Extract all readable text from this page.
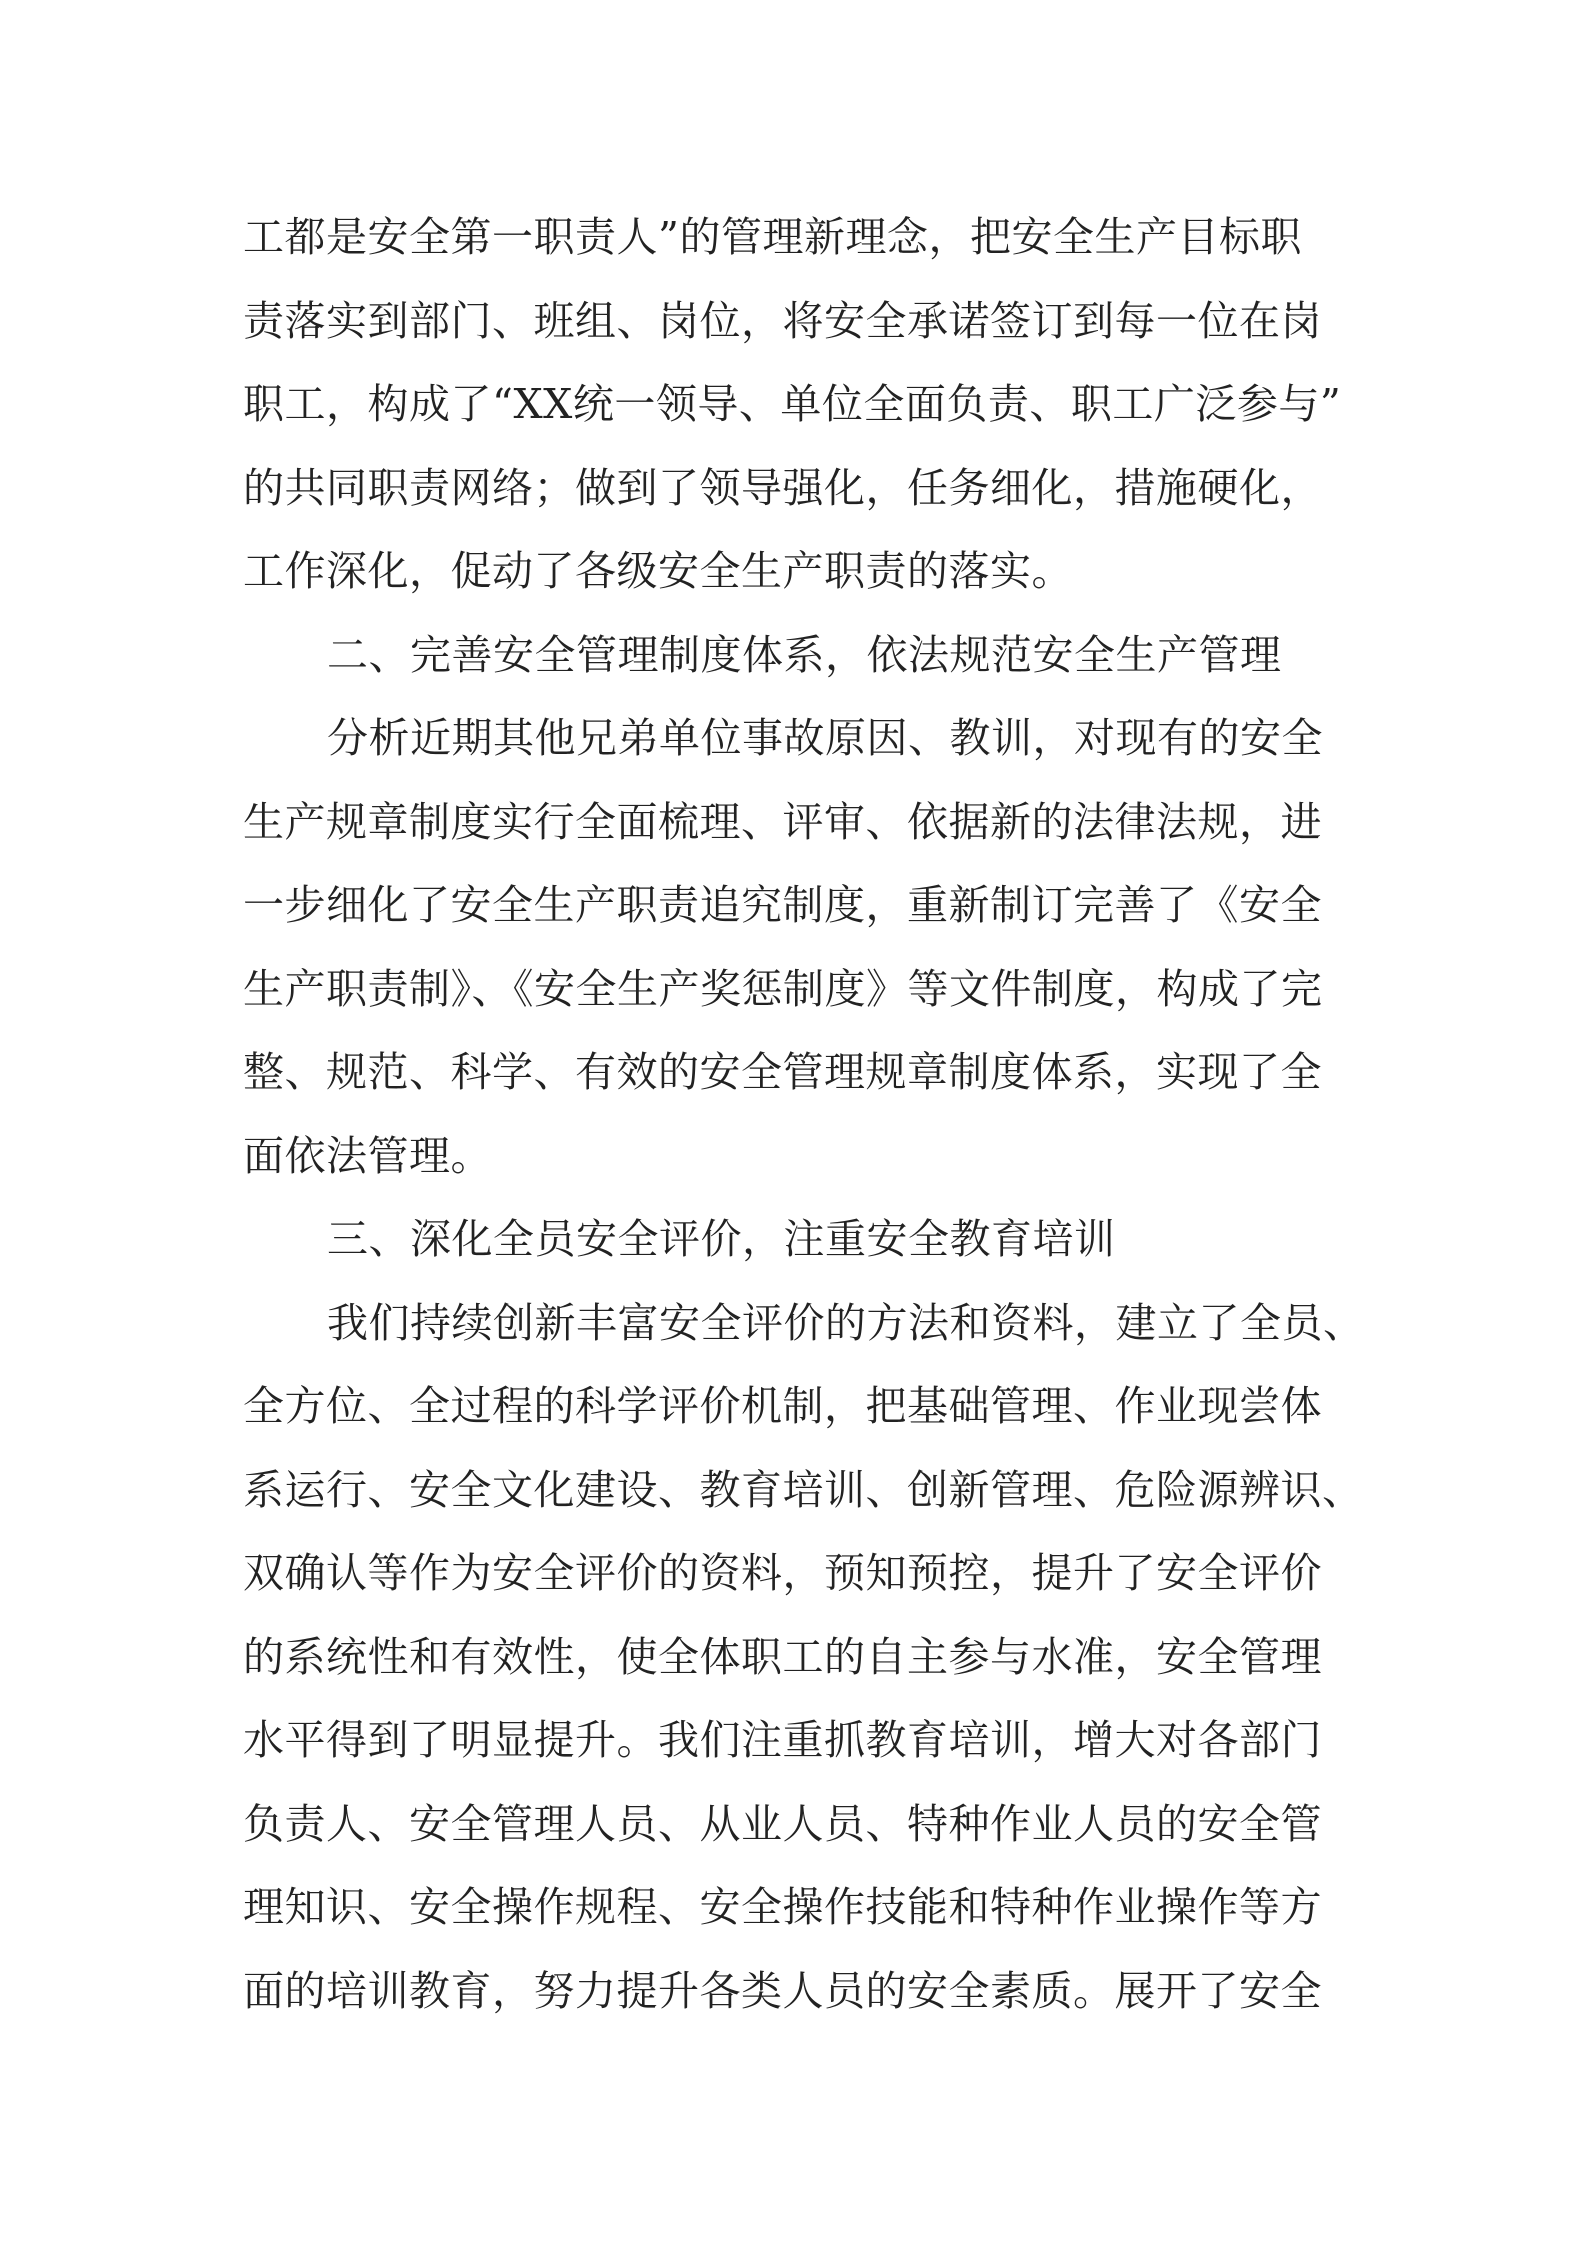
工都是安全第一职责人”的管理新理念，把安全生产目标职
责落实到部门、班组、岗位，将安全承诺签订到每一位在岗
职工，构成了“XX统一领导、单位全面负责、职工广泛参与”
的共同职责网络；做到了领导强化，任务细化，措施硬化，
工作深化，促动了各级安全生产职责的落实。
二、完善安全管理制度体系，依法规范安全生产管理
分析近期其他兄弟单位事故原因、教训，对现有的安全
生产规章制度实行全面梳理、评审、依据新的法律法规，进
一步细化了安全生产职责追究制度，重新制订完善了《安全
生产职责制》、《安全生产奖惩制度》等文件制度，构成了完
整、规范、科学、有效的安全管理规章制度体系，实现了全
面依法管理。
三、深化全员安全评价，注重安全教育培训
我们持续创新丰富安全评价的方法和资料，建立了全员、
全方位、全过程的科学评价机制，把基础管理、作业现尝体
系运行、安全文化建设、教育培训、创新管理、危险源辨识、
双确认等作为安全评价的资料，预知预控，提升了安全评价
的系统性和有效性，使全体职工的自主参与水准，安全管理
水平得到了明显提升。我们注重抓教育培训，增大对各部门
负责人、安全管理人员、从业人员、特种作业人员的安全管
理知识、安全操作规程、安全操作技能和特种作业操作等方
面的培训教育，努力提升各类人员的安全素质。展开了安全
